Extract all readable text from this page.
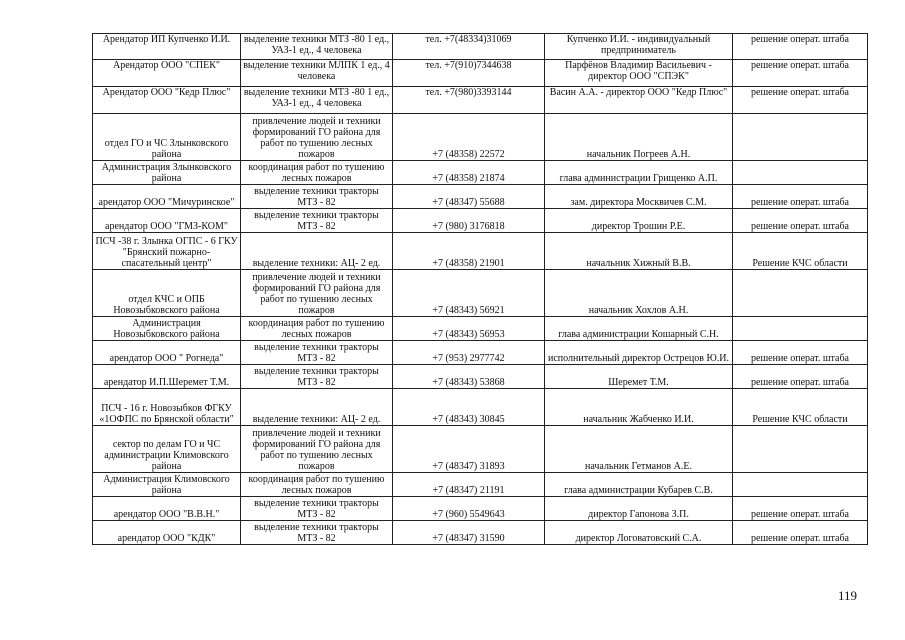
Арендатор ИП Купченко И.И.	выделение техники МТЗ -80 1 ед., УАЗ-1 ед., 4 человека	тел. +7(48334)31069	Купченко И.И. - индивидуальный предприниматель	решение операт. штаба
Арендатор ООО "СПЕК"	выделение техники МЛПК 1 ед., 4 человека	тел. +7(910)7344638	Парфёнов Владимир Васильевич - директор ООО "СПЭК"	решение операт. штаба
Арендатор ООО "Кедр Плюс"	выделение техники МТЗ -80 1 ед., УАЗ-1 ед., 4 человека	тел. +7(980)3393144	Васин А.А. - директор ООО "Кедр Плюс"	решение операт. штаба
отдел ГО и ЧС Злынковского района	привлечение людей и техники формирований ГО района для работ по тушению лесных пожаров	+7 (48358) 22572	начальник Погреев А.Н.	
Администрация Злынковского района	координация работ по тушению лесных пожаров	+7 (48358) 21874	глава администрации Грищенко А.П.	
арендатор ООО "Мичуринское"	выделение техники тракторы МТЗ - 82	+7 (48347) 55688	зам. директора Москвичев С.М.	решение операт. штаба
арендатор ООО "ГМЗ-КОМ"	выделение техники тракторы МТЗ - 82	+7 (980) 3176818	директор Трошин Р.Е.	решение операт. штаба
ПСЧ -38 г. Злынка ОГПС - 6 ГКУ "Брянский пожарно-спасательный центр"	выделение техники: АЦ- 2 ед.	+7 (48358) 21901	начальник Хижный В.В.	Решение КЧС области
отдел КЧС и ОПБ Новозыбковского района	привлечение людей и техники формирований ГО района для работ по тушению лесных пожаров	+7 (48343) 56921	начальник Хохлов А.Н.	
Администрация Новозыбковского района	координация работ по тушению лесных пожаров	+7 (48343) 56953	глава администрации Кошарный С.Н.	
арендатор ООО " Рогнеда"	выделение техники тракторы МТЗ - 82	+7 (953) 2977742	исполнительный директор Острецов Ю.И.	решение операт. штаба
арендатор И.П.Шеремет Т.М.	выделение техники тракторы МТЗ - 82	+7 (48343) 53868	Шеремет Т.М.	решение операт. штаба
ПСЧ - 16 г. Новозыбков ФГКУ «1ОФПС по Брянской области"	выделение техники: АЦ- 2 ед.	+7 (48343) 30845	начальник Жабченко И.И.	Решение КЧС области
сектор по делам ГО и ЧС администрации Климовского района	привлечение людей и техники формирований ГО района для работ по тушению лесных пожаров	+7 (48347) 31893	начальник Гетманов А.Е.	
Администрация Климовского района	координация работ по тушению лесных пожаров	+7 (48347) 21191	глава администрации Кубарев С.В.	
арендатор ООО "В.В.Н."	выделение техники тракторы МТЗ - 82	+7 (960) 5549643	директор Гапонова З.П.	решение операт. штаба
арендатор ООО "КДК"	выделение техники тракторы МТЗ - 82	+7 (48347) 31590	директор Логоватовский С.А.	решение операт. штаба
119
